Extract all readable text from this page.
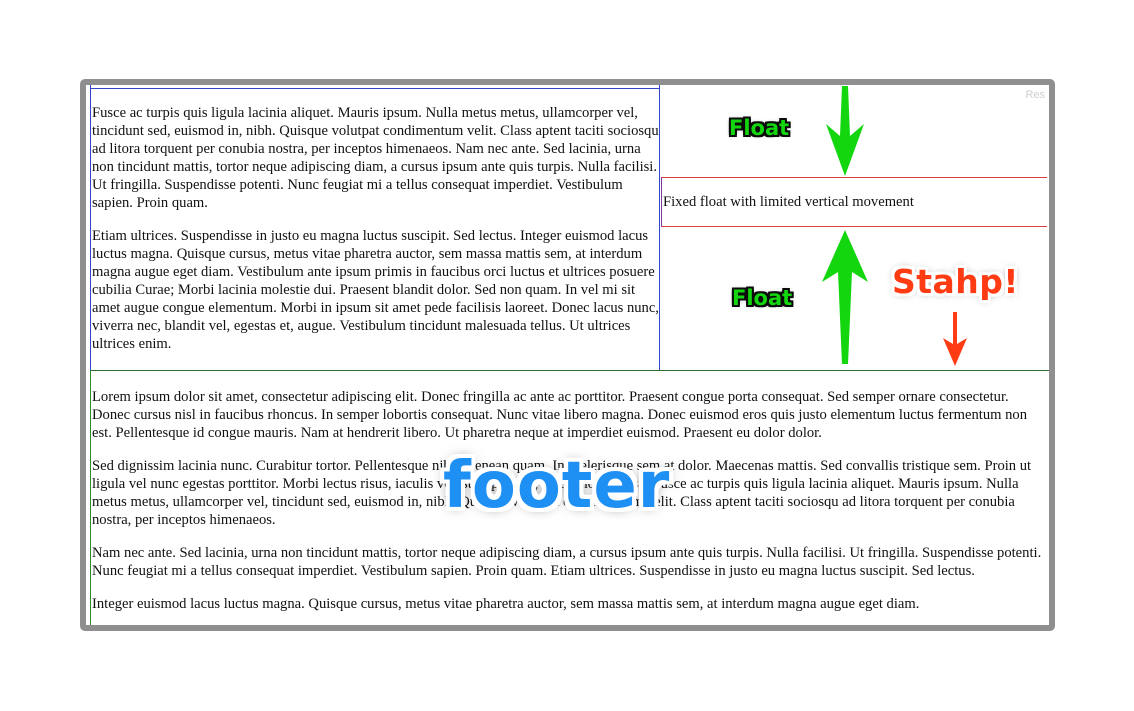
Fusce ac turpis quis ligula lacinia aliquet. Mauris ipsum. Nulla metus metus, ullamcorper vel, tincidunt sed, euismod in, nibh. Quisque volutpat condimentum velit. Class aptent taciti sociosqu ad litora torquent per conubia nostra, per inceptos himenaeos. Nam nec ante. Sed lacinia, urna non tincidunt mattis, tortor neque adipiscing diam, a cursus ipsum ante quis turpis. Nulla facilisi. Ut fringilla. Suspendisse potenti. Nunc feugiat mi a tellus consequat imperdiet. Vestibulum sapien. Proin quam.

Etiam ultrices. Suspendisse in justo eu magna luctus suscipit. Sed lectus. Integer euismod lacus luctus magna. Quisque cursus, metus vitae pharetra auctor, sem massa mattis sem, at interdum magna augue eget diam. Vestibulum ante ipsum primis in faucibus orci luctus et ultrices posuere cubilia Curae; Morbi lacinia molestie dui. Praesent blandit dolor. Sed non quam. In vel mi sit amet augue congue elementum. Morbi in ipsum sit amet pede facilisis laoreet. Donec lacus nunc, viverra nec, blandit vel, egestas et, augue. Vestibulum tincidunt malesuada tellus. Ut ultrices ultrices enim.

Fixed float with limited vertical movement
Res

Lorem ipsum dolor sit amet, consectetur adipiscing elit. Donec fringilla ac ante ac porttitor. Praesent congue porta consequat. Sed semper ornare consectetur. Donec cursus nisl in faucibus rhoncus. In semper lobortis consequat. Nunc vitae libero magna. Donec euismod eros quis justo elementum luctus fermentum non est. Pellentesque id congue mauris. Nam at hendrerit libero. Ut pharetra neque at imperdiet euismod. Praesent eu dolor dolor.

Sed dignissim lacinia nunc. Curabitur tortor. Pellentesque nibh. Aenean quam. In scelerisque sem at dolor. Maecenas mattis. Sed convallis tristique sem. Proin ut ligula vel nunc egestas porttitor. Morbi lectus risus, iaculis vel, suscipit quis, luctus non, massa. Fusce ac turpis quis ligula lacinia aliquet. Mauris ipsum. Nulla metus metus, ullamcorper vel, tincidunt sed, euismod in, nibh. Quisque volutpat condimentum velit. Class aptent taciti sociosqu ad litora torquent per conubia nostra, per inceptos himenaeos.

Nam nec ante. Sed lacinia, urna non tincidunt mattis, tortor neque adipiscing diam, a cursus ipsum ante quis turpis. Nulla facilisi. Ut fringilla. Suspendisse potenti. Nunc feugiat mi a tellus consequat imperdiet. Vestibulum sapien. Proin quam. Etiam ultrices. Suspendisse in justo eu magna luctus suscipit. Sed lectus.

Integer euismod lacus luctus magna. Quisque cursus, metus vitae pharetra auctor, sem massa mattis sem, at interdum magna augue eget diam.

Float
Float	Stahp!
footer
